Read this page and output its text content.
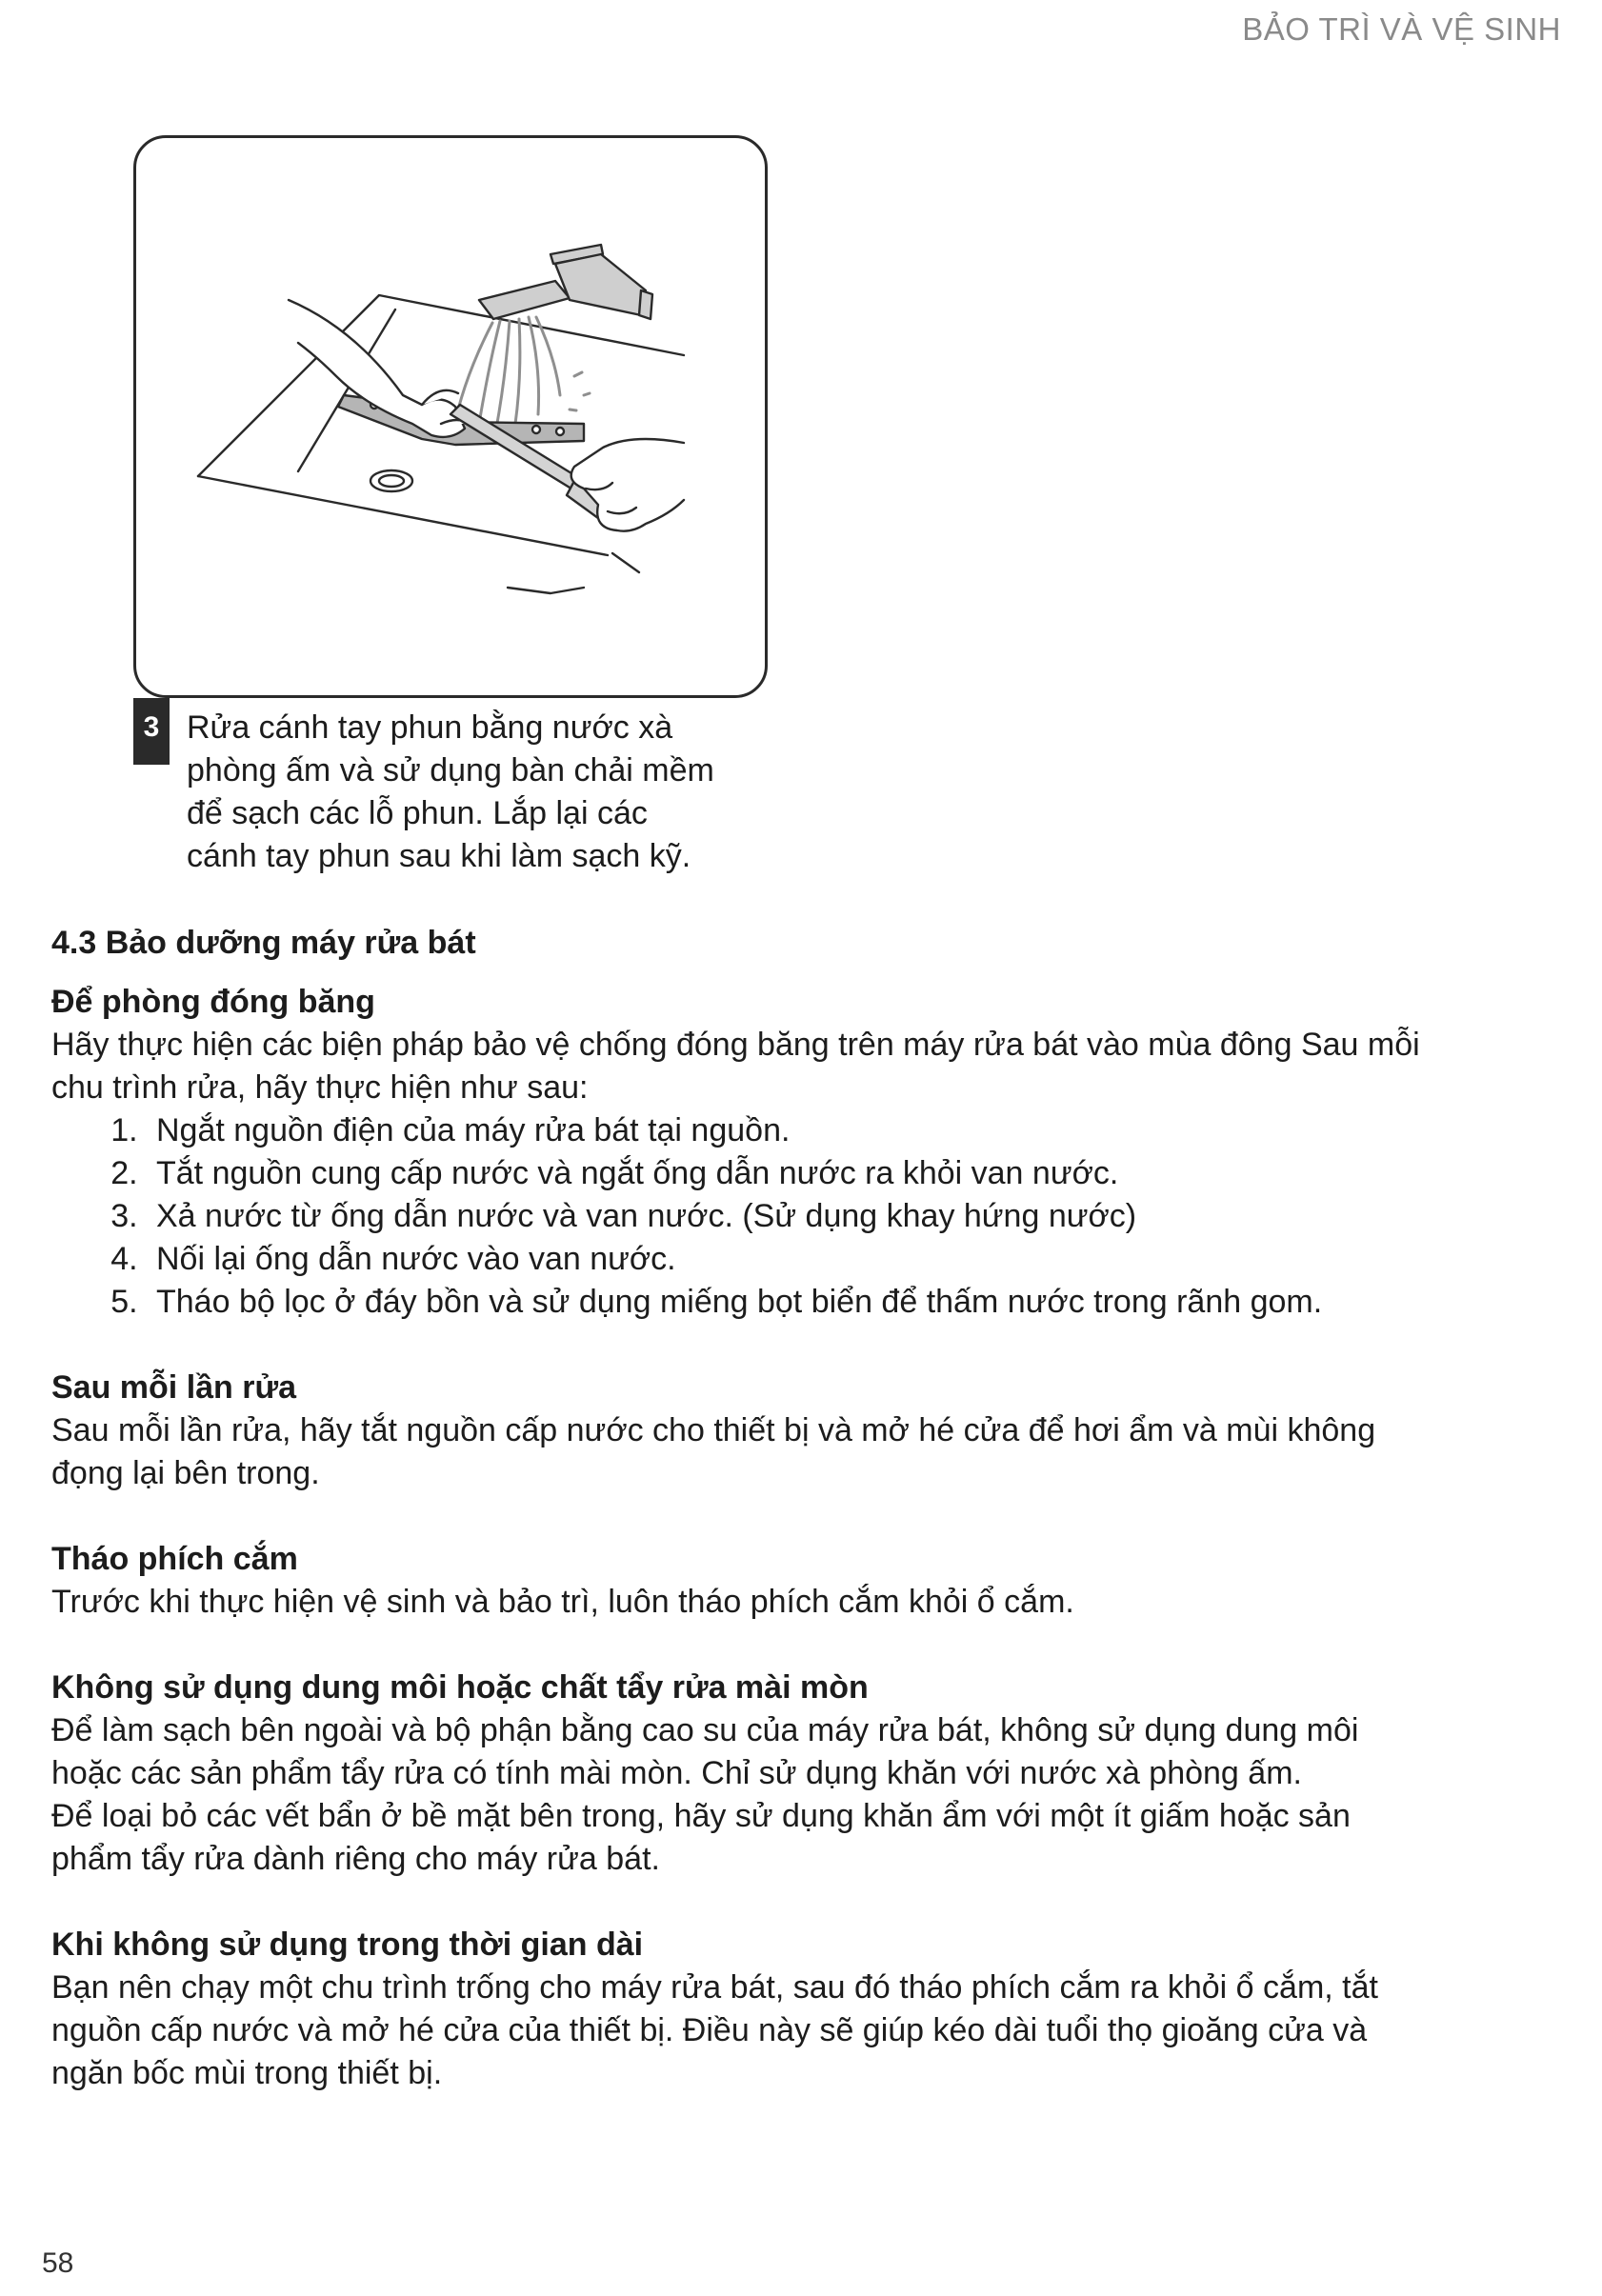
BẢO TRÌ VÀ VỆ SINH
3 Rửa cánh tay phun bằng nước xà
phòng ấm và sử dụng bàn chải mềm
để sạch các lỗ phun. Lắp lại các
cánh tay phun sau khi làm sạch kỹ.
4.3 Bảo dưỡng máy rửa bát
Để phòng đóng băng
Hãy thực hiện các biện pháp bảo vệ chống đóng băng trên máy rửa bát vào mùa đông Sau mỗi
chu trình rửa, hãy thực hiện như sau:
1. Ngắt nguồn điện của máy rửa bát tại nguồn.
2. Tắt nguồn cung cấp nước và ngắt ống dẫn nước ra khỏi van nước.
3. Xả nước từ ống dẫn nước và van nước. (Sử dụng khay hứng nước)
4. Nối lại ống dẫn nước vào van nước.
5. Tháo bộ lọc ở đáy bồn và sử dụng miếng bọt biển để thấm nước trong rãnh gom.
Sau mỗi lần rửa
Sau mỗi lần rửa, hãy tắt nguồn cấp nước cho thiết bị và mở hé cửa để hơi ẩm và mùi không
đọng lại bên trong.
Tháo phích cắm
Trước khi thực hiện vệ sinh và bảo trì, luôn tháo phích cắm khỏi ổ cắm.
Không sử dụng dung môi hoặc chất tẩy rửa mài mòn
Để làm sạch bên ngoài và bộ phận bằng cao su của máy rửa bát, không sử dụng dung môi
hoặc các sản phẩm tẩy rửa có tính mài mòn. Chỉ sử dụng khăn với nước xà phòng ấm.
Để loại bỏ các vết bẩn ở bề mặt bên trong, hãy sử dụng khăn ẩm với một ít giấm hoặc sản
phẩm tẩy rửa dành riêng cho máy rửa bát.
Khi không sử dụng trong thời gian dài
Bạn nên chạy một chu trình trống cho máy rửa bát, sau đó tháo phích cắm ra khỏi ổ cắm, tắt
nguồn cấp nước và mở hé cửa của thiết bị. Điều này sẽ giúp kéo dài tuổi thọ gioăng cửa và
ngăn bốc mùi trong thiết bị.
58
